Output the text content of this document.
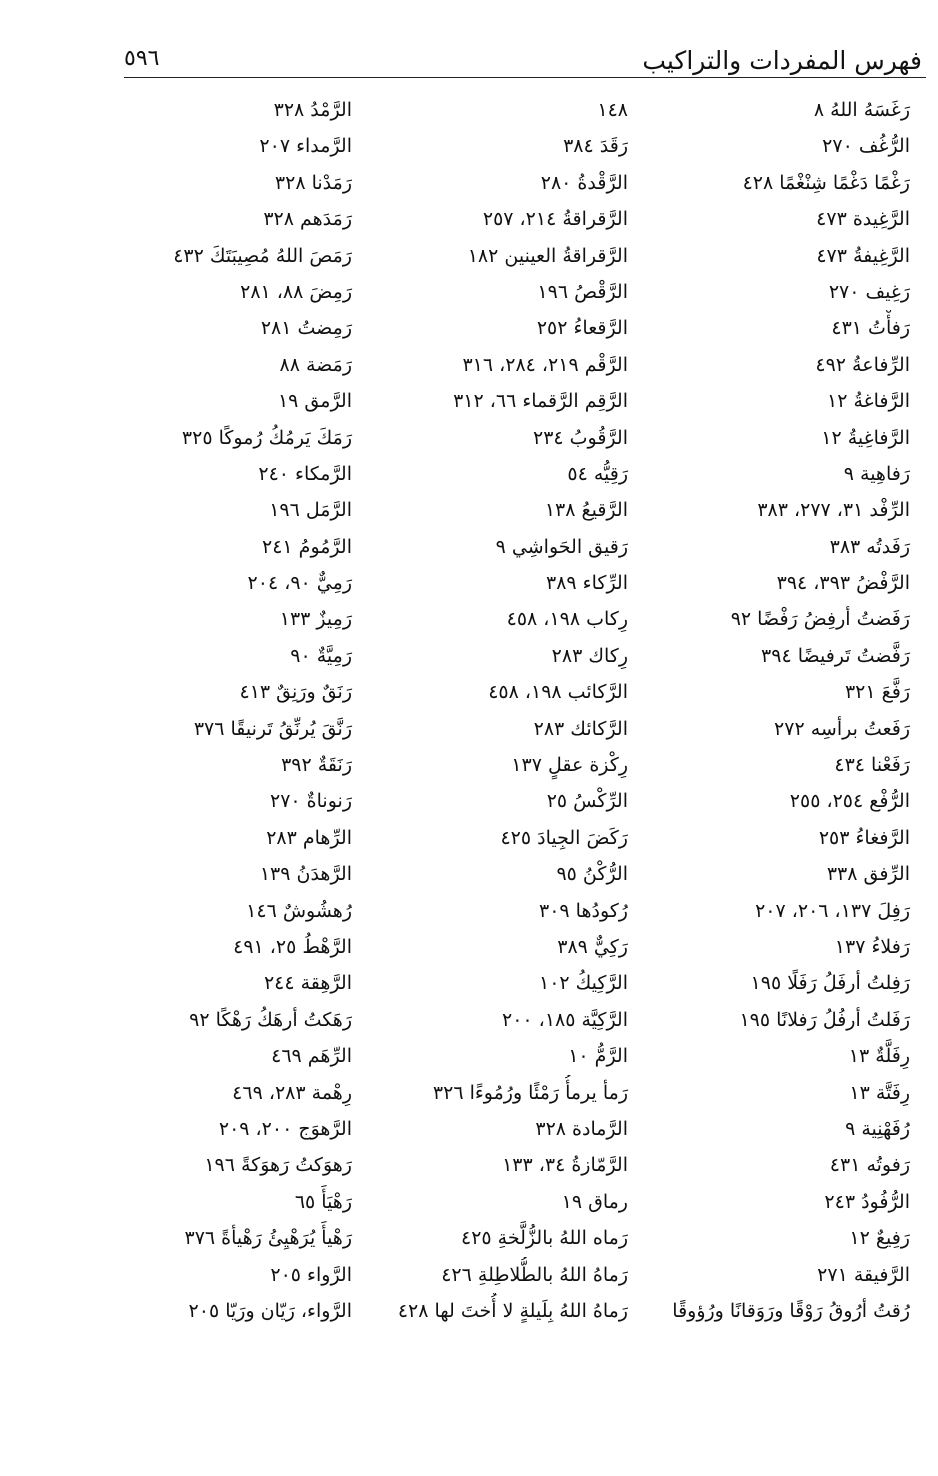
فهرس المفردات والتراكيب
٥٩٦
رَغَسَهُ اللهُ ٨
الرُّغُف ٢٧٠
رَغْمًا دَغْمًا شِنْغْمًا ٤٢٨
الرَّغِيدة ٤٧٣
الرَّغِيفةُ ٤٧٣
رَغِيف ٢٧٠
رَفأْتُ ٤٣١
الرِّفاعةُ ٤٩٢
الرَّفاغةُ ١٢
الرَّفاغِيةُ ١٢
رَفاهِية ٩
الرِّفْد ٣١، ٢٧٧، ٣٨٣
رَفَدتُه ٣٨٣
الرَّفْضُ ٣٩٣، ٣٩٤
رَفَضتُ أرفِضُ رَفْضًا ٩٢
رَفَّضتُ تَرفيضًا ٣٩٤
رَفَّعَ ٣٢١
رَفَعتُ برأسِه ٢٧٢
رَفَعْنا ٤٣٤
الرُّفْع ٢٥٤، ٢٥٥
الرَّفغاءُ ٢٥٣
الرِّفق ٣٣٨
رَفِلَ ١٣٧، ٢٠٦، ٢٠٧
رَفلاءُ ١٣٧
رَفِلتُ أرفَلُ رَفَلًا ١٩٥
رَفَلتُ أرفُلُ رَفلانًا ١٩٥
رِفَلَّةٌ ١٣
رِفَتَّة ١٣
رُفَهْنِية ٩
رَفوتُه ٤٣١
الرُّفُودُ ٢٤٣
رَفِيعٌ ١٢
الرَّفيقة ٢٧١
رُقتُ أرُوقُ رَوْقًا ورَوَقانًا ورُؤوقًا
١٤٨
رَقَدَ ٣٨٤
الرَّقْدةُ ٢٨٠
الرَّقراقةُ ٢١٤، ٢٥٧
الرَّقراقةُ العينين ١٨٢
الرَّقْصُ ١٩٦
الرَّقعاءُ ٢٥٢
الرَّقْم ٢١٩، ٢٨٤، ٣١٦
الرَّقِم الرَّقماء ٦٦، ٣١٢
الرَّقُوبُ ٢٣٤
رَقِيُّه ٥٤
الرَّقيعُ ١٣٨
رَقيق الحَواشِي ٩
الرِّكاء ٣٨٩
رِكاب ١٩٨، ٤٥٨
رِكاك ٢٨٣
الرَّكائب ١٩٨، ٤٥٨
الرَّكائك ٢٨٣
رِكْزة عقلٍ ١٣٧
الرِّكْسُ ٢٥
رَكَضَ الجِيادَ ٤٢٥
الرُّكْنُ ٩٥
رُكودُها ٣٠٩
رَكِيٌّ ٣٨٩
الرَّكِيكُ ١٠٢
الرَّكِيَّة ١٨٥، ٢٠٠
الرَّمُّ ١٠
رَمأ يرمأُ رَمْئًا ورُمُوءًا ٣٢٦
الرَّمادة ٣٢٨
الرَّمّازةُ ٣٤، ١٣٣
رماق ١٩
رَماه اللهُ بالزُّلَّخةِ ٤٢٥
رَماهُ اللهُ بالطُّلاطِلةِ ٤٢٦
رَماهُ اللهُ بِلَيلةٍ لا أُختَ لها ٤٢٨
الرَّمْدُ ٣٢٨
الرَّمداء ٢٠٧
رَمَدْنا ٣٢٨
رَمَدَهم ٣٢٨
رَمَصَ اللهُ مُصِيبَتَكَ ٤٣٢
رَمِضَ ٨٨، ٢٨١
رَمِضتُ ٢٨١
رَمَضة ٨٨
الرَّمق ١٩
رَمَكَ يَرمُكُ رُموكًا ٣٢٥
الرَّمكاء ٢٤٠
الرَّمَل ١٩٦
الرَّمُومُ ٢٤١
رَمِيٌّ ٩٠، ٢٠٤
رَمِيزٌ ١٣٣
رَمِيَّةٌ ٩٠
رَنَقٌ ورَنِقٌ ٤١٣
رَنَّقَ يُرنِّقُ تَرنيقًا ٣٧٦
رَنَقَةٌ ٣٩٢
رَنوناةٌ ٢٧٠
الرِّهام ٢٨٣
الرَّهدَنُ ١٣٩
رُهشُوشٌ ١٤٦
الرَّهْطُ ٢٥، ٤٩١
الرَّهِقة ٢٤٤
رَهَكتُ أرهَكُ رَهْكًا ٩٢
الرِّهَم ٤٦٩
رِهْمة ٢٨٣، ٤٦٩
الرَّهوَج ٢٠٠، ٢٠٩
رَهوَكتُ رَهوَكةً ١٩٦
رَهْيَأَ ٦٥
رَهْيأَ يُرَهْيِئُ رَهْيأةً ٣٧٦
الرَّواء ٢٠٥
الرَّواء، رَيّان ورَيّا ٢٠٥
